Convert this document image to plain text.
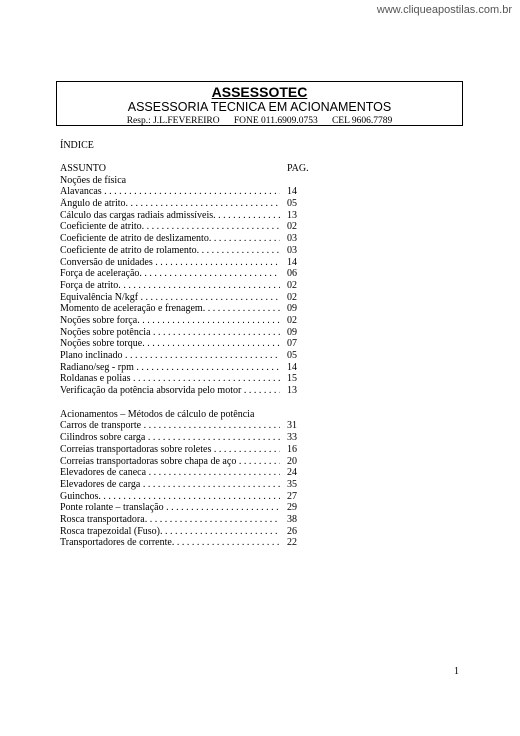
www.cliqueapostilas.com.br
ASSESSOTEC
ASSESSORIA TECNICA EM ACIONAMENTOS
Resp.: J.L.FEVEREIRO      FONE 011.6909.0753      CEL 9606.7789
ÍNDICE
ASSUNTO	PAG.
Noções de física
Alavancas . . .	14
Ângulo de atrito. . . .	05
Cálculo das cargas radiais admissíveis. . . .	13
Coeficiente de atrito. . . .	02
Coeficiente de atrito de deslizamento. . . .	03
Coeficiente de atrito de rolamento. . . .	03
Conversão de unidades . . .	14
Força de aceleração. . . .	06
Força de atrito. . . .	02
Equivalência N/kgf . . .	02
Momento de aceleração e frenagem. . . .	09
Noções sobre força. . . .	02
Noções sobre potência . . .	09
Noções sobre torque. . . .	07
Plano inclinado . . .	05
Radiano/seg - rpm . . .	14
Roldanas e polias . . .	15
Verificação da potência absorvida pelo motor . . .	13
Acionamentos – Métodos de cálculo de potência
Carros de transporte . . .	31
Cilindros sobre carga . . .	33
Correias transportadoras sobre roletes . . .	16
Correias transportadoras sobre chapa de aço . . .	20
Elevadores de caneca . . .	24
Elevadores de carga . . .	35
Guinchos. . . .	27
Ponte rolante – translação . . .	29
Rosca transportadora. . . .	38
Rosca trapezoidal (Fuso). . . .	26
Transportadores de corrente. . . .	22
1
